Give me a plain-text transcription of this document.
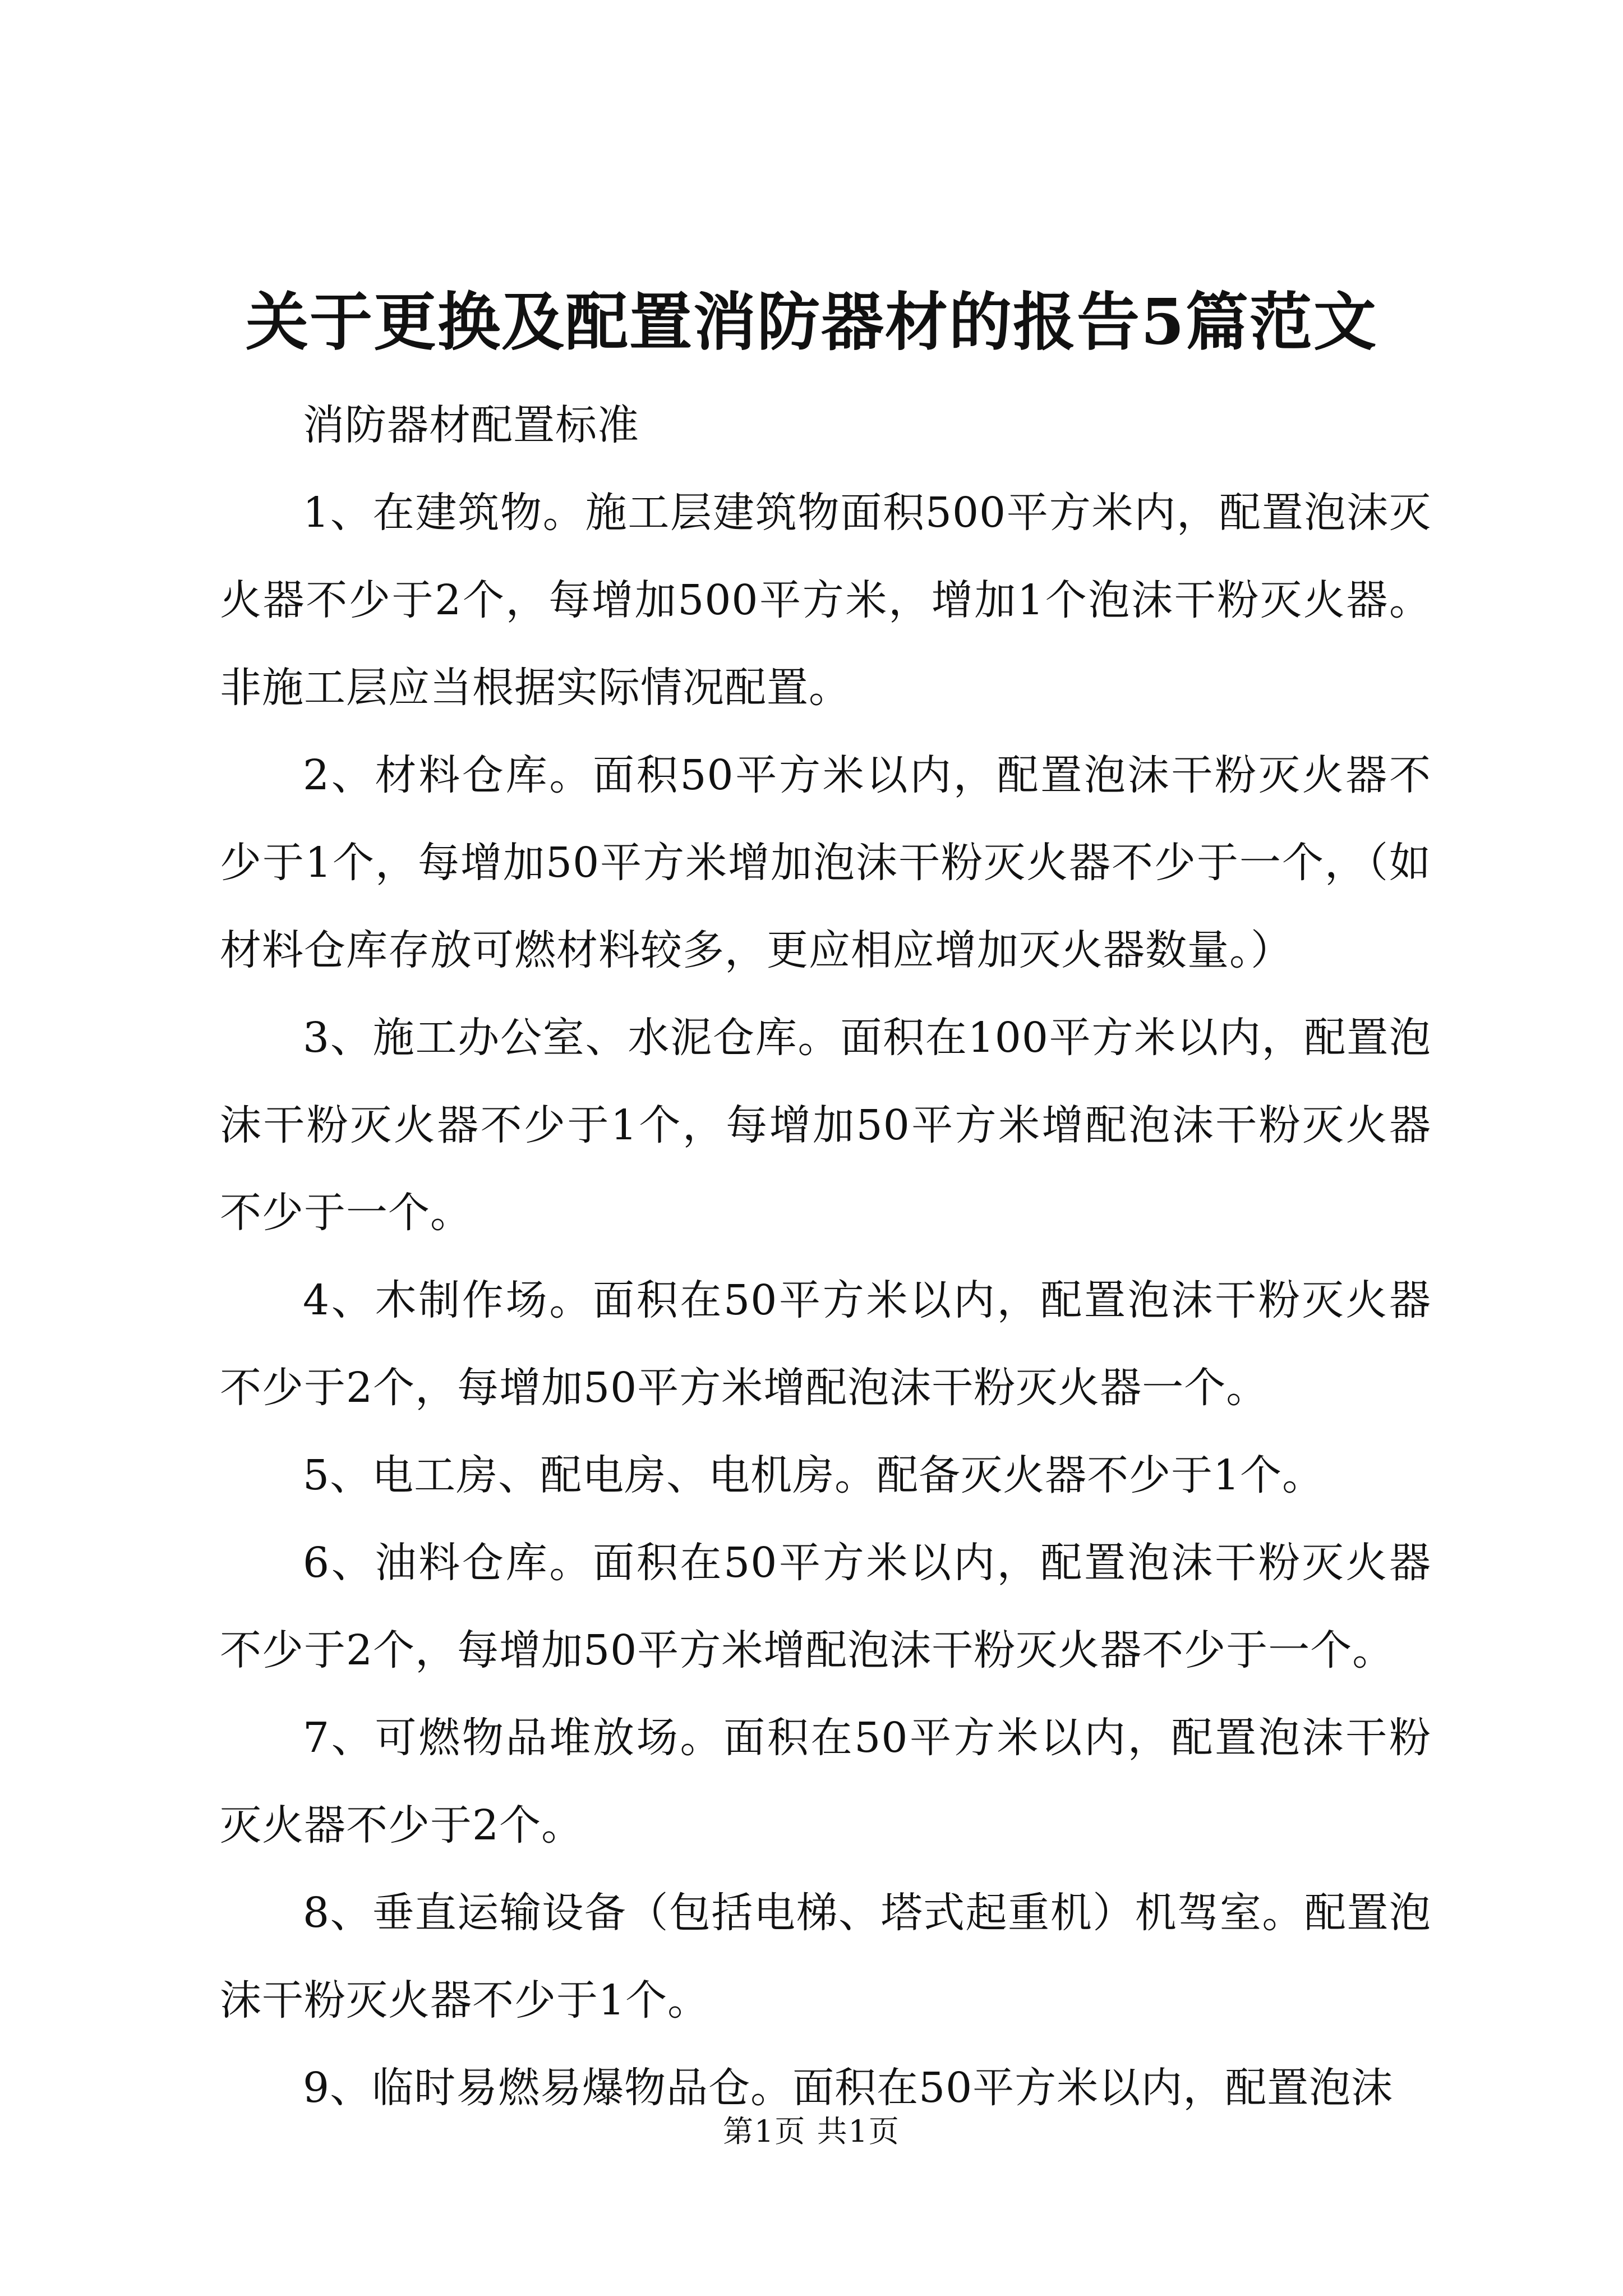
关于更换及配置消防器材的报告5篇范文

消防器材配置标准

1、在建筑物。施工层建筑物面积500平方米内，配置泡沫灭火器不少于2个，每增加500平方米，增加1个泡沫干粉灭火器。非施工层应当根据实际情况配置。

2、材料仓库。面积50平方米以内，配置泡沫干粉灭火器不少于1个，每增加50平方米增加泡沫干粉灭火器不少于一个，（如材料仓库存放可燃材料较多，更应相应增加灭火器数量。）

3、施工办公室、水泥仓库。面积在100平方米以内，配置泡沫干粉灭火器不少于1个，每增加50平方米增配泡沫干粉灭火器不少于一个。

4、木制作场。面积在50平方米以内，配置泡沫干粉灭火器不少于2个，每增加50平方米增配泡沫干粉灭火器一个。

5、电工房、配电房、电机房。配备灭火器不少于1个。

6、油料仓库。面积在50平方米以内，配置泡沫干粉灭火器不少于2个，每增加50平方米增配泡沫干粉灭火器不少于一个。

7、可燃物品堆放场。面积在50平方米以内，配置泡沫干粉灭火器不少于2个。

8、垂直运输设备（包括电梯、塔式起重机）机驾室。配置泡沫干粉灭火器不少于1个。

9、临时易燃易爆物品仓。面积在50平方米以内，配置泡沫

第1页 共1页
